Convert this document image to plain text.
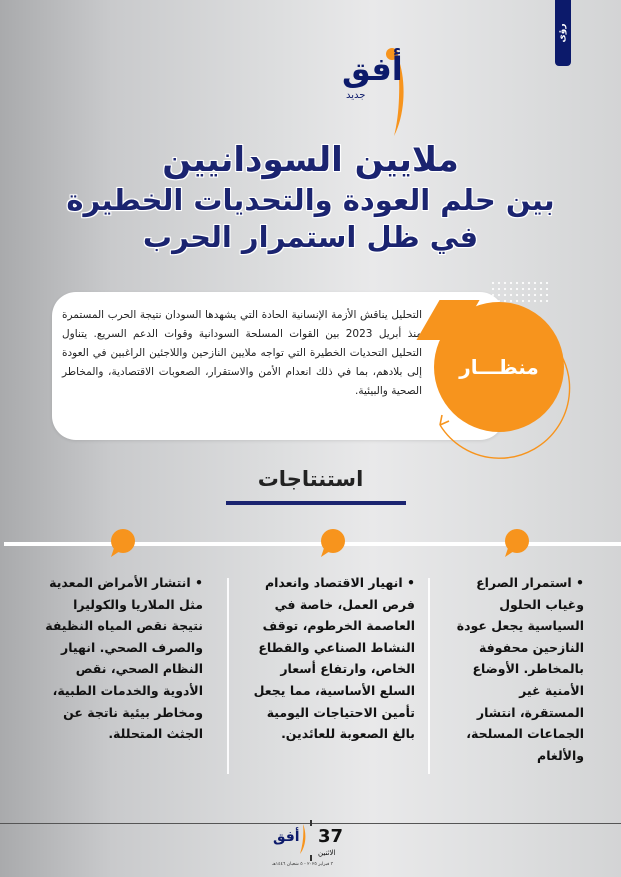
رؤى
أفق
جديد
ملايين السودانيين
بين حلم العودة والتحديات الخطيرة
في ظل استمرار الحرب

التحليل يناقش الأزمة الإنسانية الحادة التي يشهدها السودان نتيجة الحرب المستمرة منذ أبريل 2023 بين القوات المسلحة السودانية وقوات الدعم السريع. يتناول التحليل التحديات الخطيرة التي تواجه ملايين النازحين واللاجئين الراغبين في العودة إلى بلادهم، بما في ذلك انعدام الأمن والاستقرار، الصعوبات الاقتصادية، والمخاطر الصحية والبيئية.

منظـــار
استنتاجات

• استمرار الصراع وغياب الحلول السياسية يجعل عودة النازحين محفوفة بالمخاطر. الأوضاع الأمنية غير المستقرة، انتشار الجماعات المسلحة، والألغام

• انهيار الاقتصاد وانعدام فرص العمل، خاصة في العاصمة الخرطوم، توقف النشاط الصناعي والقطاع الخاص، وارتفاع أسعار السلع الأساسية، مما يجعل تأمين الاحتياجات اليومية بالغ الصعوبة للعائدين.

• انتشار الأمراض المعدية مثل الملاريا والكوليرا نتيجة نقص المياه النظيفة والصرف الصحي. انهيار النظام الصحي، نقص الأدوية والخدمات الطبية، ومخاطر بيئية ناتجة عن الجثث المتحللة.

أفق 37
الاثنين
٣ فبراير ٢٠٢٥ - ٥ شعبان ١٤٤٦هـ
